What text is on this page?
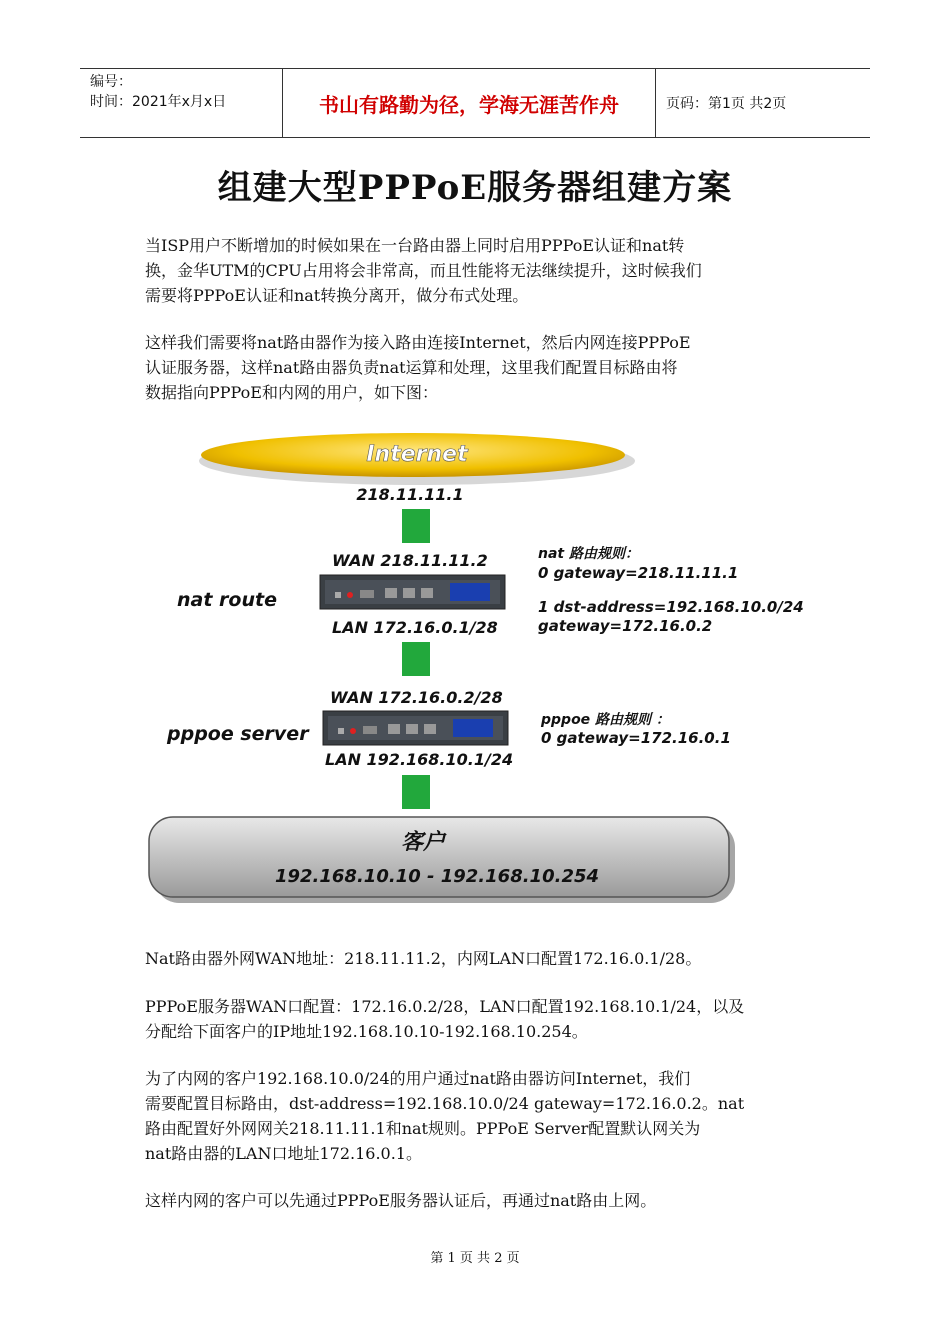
编号：
时间：2021年x月x日	书山有路勤为径，学海无涯苦作舟	页码：第1页 共2页
组建大型PPPoE服务器组建方案
当ISP用户不断增加的时候如果在一台路由器上同时启用PPPoE认证和nat转
换，金华UTM的CPU占用将会非常高，而且性能将无法继续提升，这时候我们
需要将PPPoE认证和nat转换分离开，做分布式处理。
这样我们需要将nat路由器作为接入路由连接Internet，然后内网连接PPPoE
认证服务器，这样nat路由器负责nat运算和处理，这里我们配置目标路由将
数据指向PPPoE和内网的用户，如下图：
Internet
218.11.11.1
WAN 218.11.11.2
nat route
LAN 172.16.0.1/28
nat 路由规则：
0 gateway=218.11.11.1
1 dst-address=192.168.10.0/24
gateway=172.16.0.2
WAN 172.16.0.2/28
pppoe server
LAN 192.168.10.1/24
pppoe 路由规则 ：
0 gateway=172.16.0.1
客户
192.168.10.10 - 192.168.10.254
Nat路由器外网WAN地址：218.11.11.2，内网LAN口配置172.16.0.1/28。
PPPoE服务器WAN口配置：172.16.0.2/28，LAN口配置192.168.10.1/24，以及
分配给下面客户的IP地址192.168.10.10-192.168.10.254。
为了内网的客户192.168.10.0/24的用户通过nat路由器访问Internet，我们
需要配置目标路由，dst-address=192.168.10.0/24 gateway=172.16.0.2。nat
路由配置好外网网关218.11.11.1和nat规则。PPPoE Server配置默认网关为
nat路由器的LAN口地址172.16.0.1。
这样内网的客户可以先通过PPPoE服务器认证后，再通过nat路由上网。
第 1 页 共 2 页
